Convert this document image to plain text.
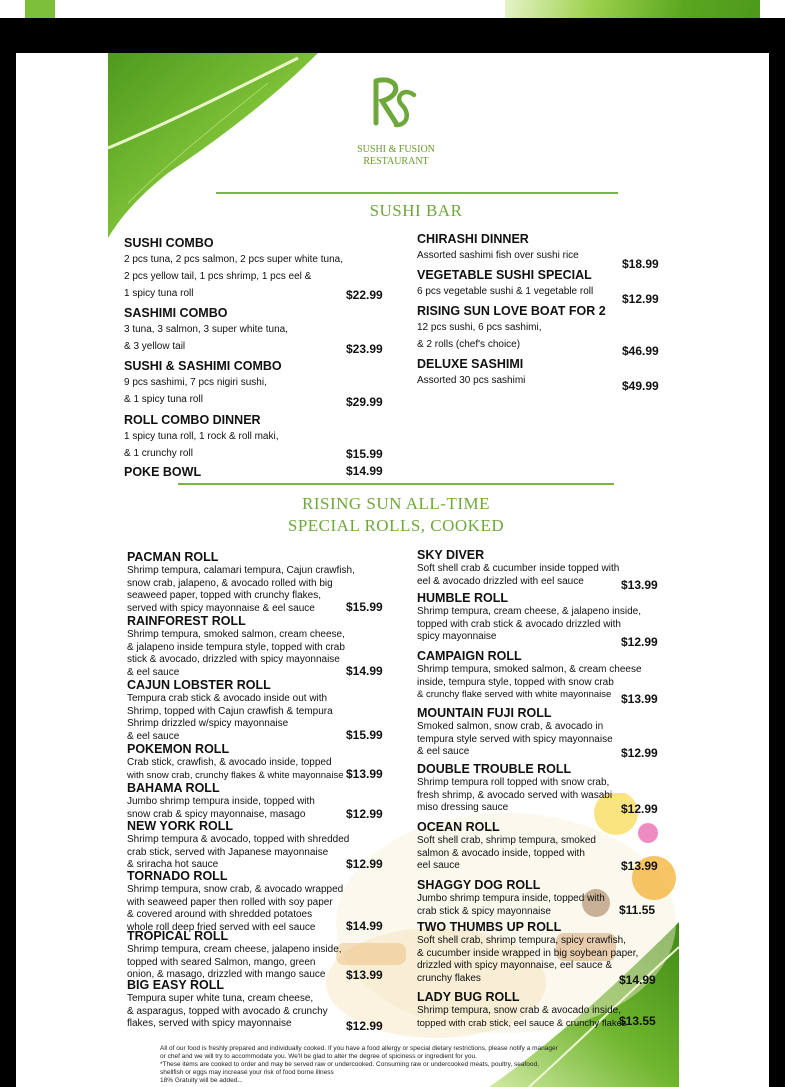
SUSHI & FUSION
RESTAURANT
SUSHI BAR
SUSHI COMBO
2 pcs tuna, 2 pcs salmon, 2 pcs super white tuna,
2 pcs yellow tail, 1 pcs shrimp, 1 pcs eel &
1 spicy tuna roll	$22.99
SASHIMI COMBO
3 tuna, 3 salmon, 3 super white tuna,
& 3 yellow tail	$23.99
SUSHI & SASHIMI COMBO
9 pcs sashimi, 7 pcs nigiri sushi,
& 1 spicy tuna roll	$29.99
ROLL COMBO DINNER
1 spicy tuna roll, 1 rock & roll maki,
& 1 crunchy roll	$15.99
POKE BOWL	$14.99
CHIRASHI DINNER
Assorted sashimi fish over sushi rice
$18.99
VEGETABLE SUSHI SPECIAL
6 pcs vegetable sushi & 1 vegetable roll
$12.99
RISING SUN LOVE BOAT FOR 2
12 pcs sushi, 6 pcs sashimi,
& 2 rolls (chef's choice)	$46.99
DELUXE SASHIMI
Assorted 30 pcs sashimi	$49.99
RISING SUN ALL-TIME
SPECIAL ROLLS, COOKED
PACMAN ROLL
Shrimp tempura, calamari tempura, Cajun crawfish,
snow crab, jalapeno, & avocado rolled with big
seaweed paper, topped with crunchy flakes,
served with spicy mayonnaise & eel sauce	$15.99
RAINFOREST ROLL
Shrimp tempura, smoked salmon, cream cheese,
& jalapeno inside tempura style, topped with crab
stick & avocado, drizzled with spicy mayonnaise
& eel sauce	$14.99
CAJUN LOBSTER ROLL
Tempura crab stick & avocado inside out with
Shrimp, topped with Cajun crawfish & tempura
Shrimp drizzled w/spicy mayonnaise
& eel sauce	$15.99
POKEMON ROLL
Crab stick, crawfish, & avocado inside, topped
with snow crab, crunchy flakes & white mayonnaise $13.99
BAHAMA ROLL
Jumbo shrimp tempura inside, topped with
snow crab & spicy mayonnaise, masago	$12.99
NEW YORK ROLL
Shrimp tempura & avocado, topped with shredded
crab stick, served with Japanese mayonnaise
& sriracha hot sauce	$12.99
TORNADO ROLL
Shrimp tempura, snow crab, & avocado wrapped
with seaweed paper then rolled with soy paper
& covered around with shredded potatoes
whole roll deep fried served with eel sauce	$14.99
TROPICAL ROLL
Shrimp tempura, cream cheese, jalapeno inside,
topped with seared Salmon, mango, green
onion, & masago, drizzled with mango sauce	$13.99
BIG EASY ROLL
Tempura super white tuna, cream cheese,
& asparagus, topped with avocado & crunchy
flakes, served with spicy mayonnaise	$12.99
SKY DIVER
Soft shell crab & cucumber inside topped with
eel & avocado drizzled with eel sauce	$13.99
HUMBLE ROLL
Shrimp tempura, cream cheese, & jalapeno inside,
topped with crab stick & avocado drizzled with
spicy mayonnaise	$12.99
CAMPAIGN ROLL
Shrimp tempura, smoked salmon, & cream cheese
inside, tempura style, topped with snow crab
& crunchy flake served with white mayonnaise $13.99
MOUNTAIN FUJI ROLL
Smoked salmon, snow crab, & avocado in
tempura style served with spicy mayonnaise
& eel sauce	$12.99
DOUBLE TROUBLE ROLL
Shrimp tempura roll topped with snow crab,
fresh shrimp, & avocado served with wasabi
miso dressing sauce	$12.99
OCEAN ROLL
Soft shell crab, shrimp tempura, smoked
salmon & avocado inside, topped with
eel sauce	$13.99
SHAGGY DOG ROLL
Jumbo shrimp tempura inside, topped with
crab stick & spicy mayonnaise	$11.55
TWO THUMBS UP ROLL
Soft shell crab, shrimp tempura, spicy crawfish,
& cucumber inside wrapped in big soybean paper,
drizzled with spicy mayonnaise, eel sauce &
crunchy flakes	$14.99
LADY BUG ROLL
Shrimp tempura, snow crab & avocado inside,
topped with crab stick, eel sauce & crunchy flakes
$13.55
All of our food is freshly prepared and individually cooked. If you have a food allergy or special dietary restrictions, please notify a manager
or chef and we will try to accommodate you. We'll be glad to alter the degree of spiciness or ingredient for you.
*These items are cooked to order and may be served raw or undercooked. Consuming raw or undercooked meats, poultry, seafood,
shellfish or eggs may increase your risk of food borne illness
18% Gratuity will be added...
